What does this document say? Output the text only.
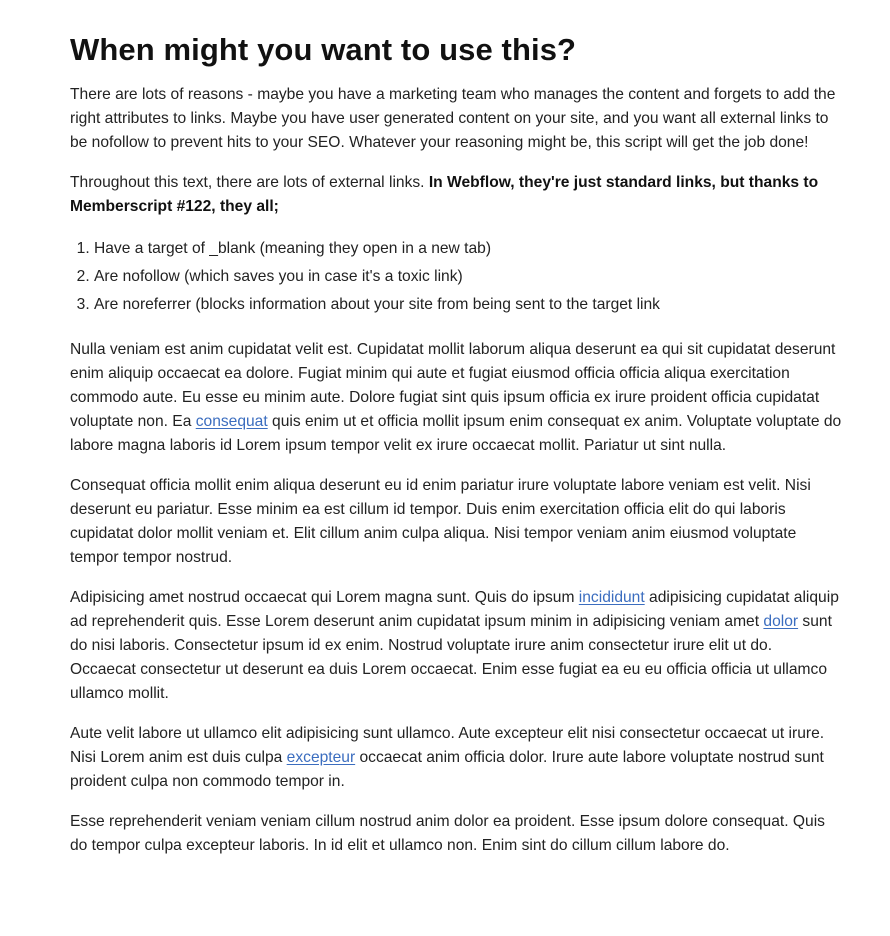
When might you want to use this?

There are lots of reasons - maybe you have a marketing team who manages the content and forgets to add the right attributes to links. Maybe you have user generated content on your site, and you want all external links to be nofollow to prevent hits to your SEO. Whatever your reasoning might be, this script will get the job done!

Throughout this text, there are lots of external links. In Webflow, they're just standard links, but thanks to Memberscript #122, they all;

1. Have a target of _blank (meaning they open in a new tab)
2. Are nofollow (which saves you in case it's a toxic link)
3. Are noreferrer (blocks information about your site from being sent to the target link

Nulla veniam est anim cupidatat velit est. Cupidatat mollit laborum aliqua deserunt ea qui sit cupidatat deserunt enim aliquip occaecat ea dolore. Fugiat minim qui aute et fugiat eiusmod officia officia aliqua exercitation commodo aute. Eu esse eu minim aute. Dolore fugiat sint quis ipsum officia ex irure proident officia cupidatat voluptate non. Ea consequat quis enim ut et officia mollit ipsum enim consequat ex anim. Voluptate voluptate do labore magna laboris id Lorem ipsum tempor velit ex irure occaecat mollit. Pariatur ut sint nulla.

Consequat officia mollit enim aliqua deserunt eu id enim pariatur irure voluptate labore veniam est velit. Nisi deserunt eu pariatur. Esse minim ea est cillum id tempor. Duis enim exercitation officia elit do qui laboris cupidatat dolor mollit veniam et. Elit cillum anim culpa aliqua. Nisi tempor veniam anim eiusmod voluptate tempor tempor nostrud.

Adipisicing amet nostrud occaecat qui Lorem magna sunt. Quis do ipsum incididunt adipisicing cupidatat aliquip ad reprehenderit quis. Esse Lorem deserunt anim cupidatat ipsum minim in adipisicing veniam amet dolor sunt do nisi laboris. Consectetur ipsum id ex enim. Nostrud voluptate irure anim consectetur irure elit ut do. Occaecat consectetur ut deserunt ea duis Lorem occaecat. Enim esse fugiat ea eu eu officia officia ut ullamco ullamco mollit.

Aute velit labore ut ullamco elit adipisicing sunt ullamco. Aute excepteur elit nisi consectetur occaecat ut irure. Nisi Lorem anim est duis culpa excepteur occaecat anim officia dolor. Irure aute labore voluptate nostrud sunt proident culpa non commodo tempor in.

Esse reprehenderit veniam veniam cillum nostrud anim dolor ea proident. Esse ipsum dolore consequat. Quis do tempor culpa excepteur laboris. In id elit et ullamco non. Enim sint do cillum cillum labore do.
